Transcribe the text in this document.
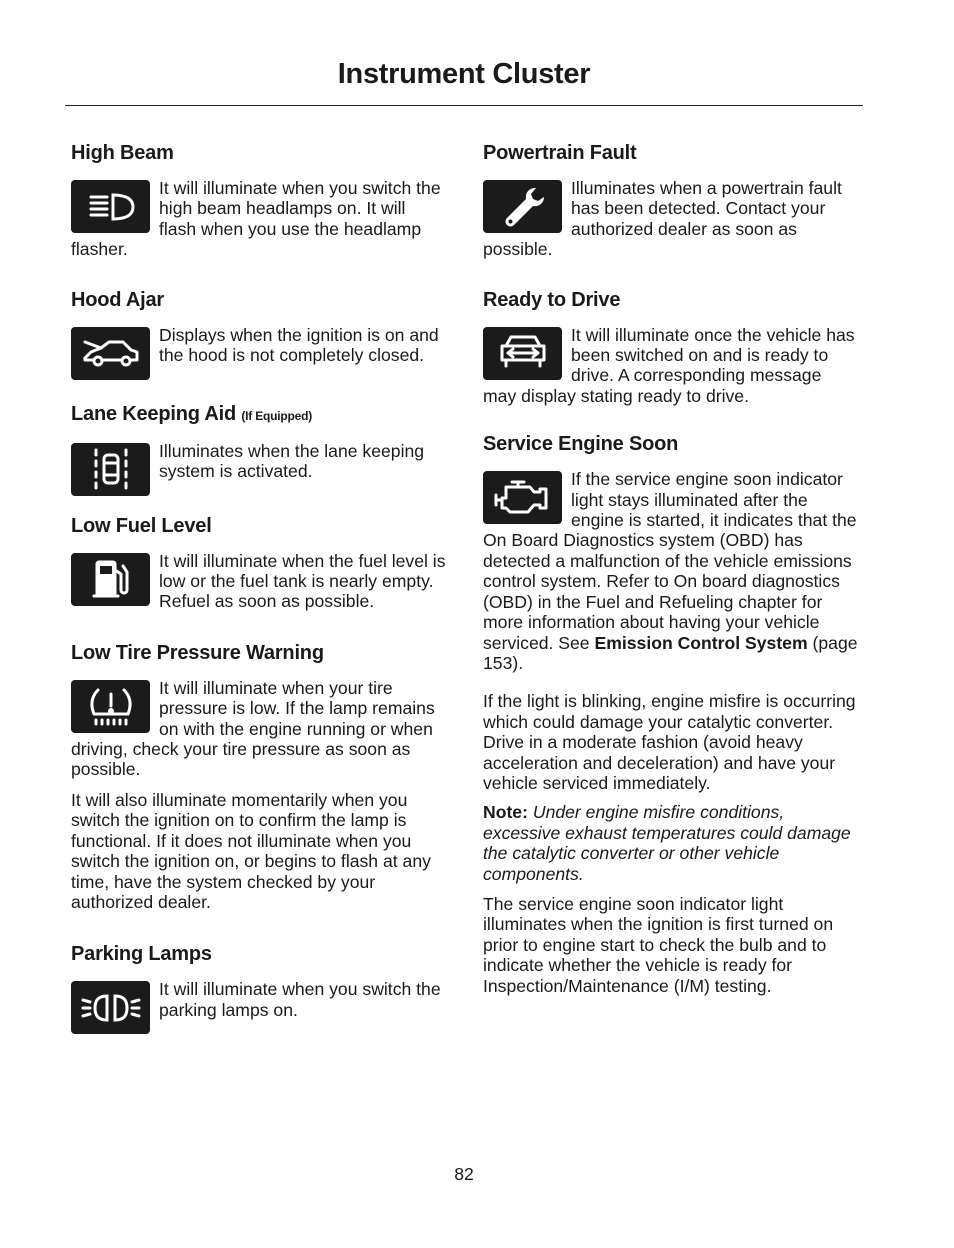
Instrument Cluster
High Beam
It will illuminate when you switch the high beam headlamps on. It will flash when you use the headlamp flasher.
Hood Ajar
Displays when the ignition is on and the hood is not completely closed.
Lane Keeping Aid (If Equipped)
Illuminates when the lane keeping system is activated.
Low Fuel Level
It will illuminate when the fuel level is low or the fuel tank is nearly empty. Refuel as soon as possible.
Low Tire Pressure Warning
It will illuminate when your tire pressure is low. If the lamp remains on with the engine running or when driving, check your tire pressure as soon as possible.

It will also illuminate momentarily when you switch the ignition on to confirm the lamp is functional. If it does not illuminate when you switch the ignition on, or begins to flash at any time, have the system checked by your authorized dealer.

Parking Lamps
It will illuminate when you switch the parking lamps on.
Powertrain Fault
Illuminates when a powertrain fault has been detected. Contact your authorized dealer as soon as possible.
Ready to Drive
It will illuminate once the vehicle has been switched on and is ready to drive. A corresponding message may display stating ready to drive.
Service Engine Soon
If the service engine soon indicator light stays illuminated after the engine is started, it indicates that the On Board Diagnostics system (OBD) has detected a malfunction of the vehicle emissions control system. Refer to On board diagnostics (OBD) in the Fuel and Refueling chapter for more information about having your vehicle serviced. See Emission Control System (page 153).

If the light is blinking, engine misfire is occurring which could damage your catalytic converter. Drive in a moderate fashion (avoid heavy acceleration and deceleration) and have your vehicle serviced immediately.

Note: Under engine misfire conditions, excessive exhaust temperatures could damage the catalytic converter or other vehicle components.

The service engine soon indicator light illuminates when the ignition is first turned on prior to engine start to check the bulb and to indicate whether the vehicle is ready for Inspection/Maintenance (I/M) testing.

82
